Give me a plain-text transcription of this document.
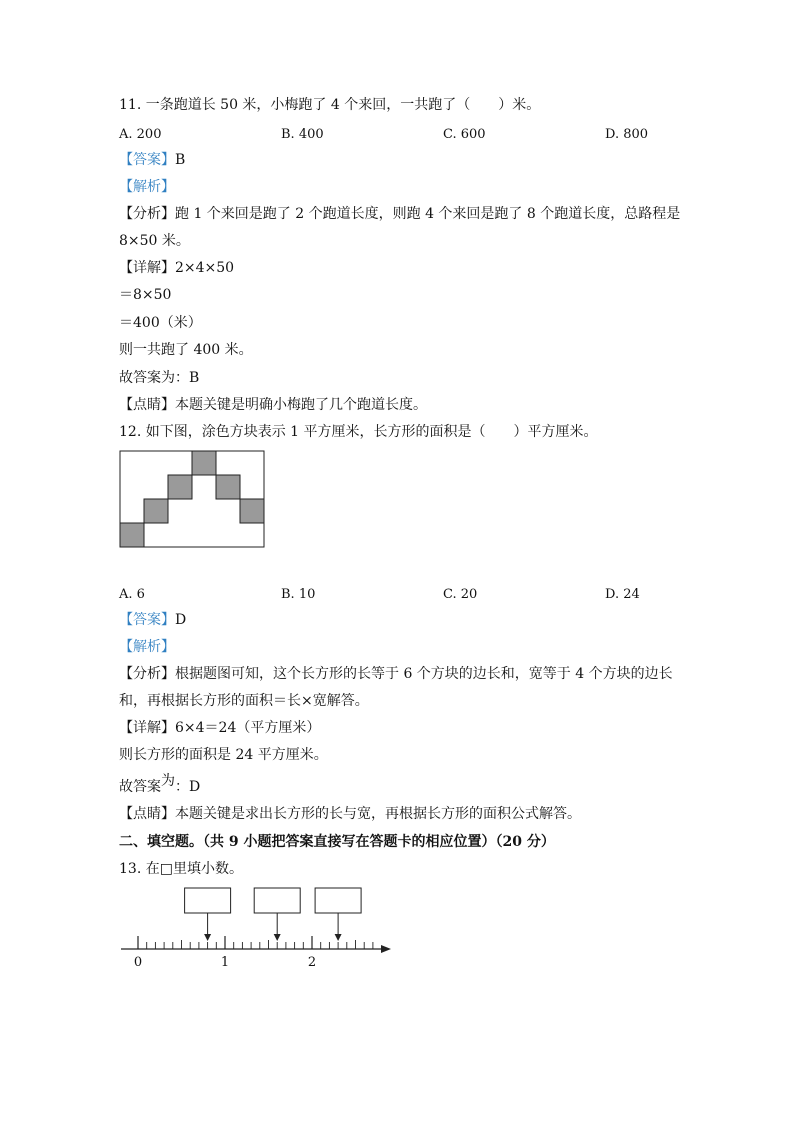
11. 一条跑道长 50 米，小梅跑了 4 个来回，一共跑了（　　）米。
A. 200	B. 400	C. 600	D. 800
【答案】B
【解析】
【分析】跑 1 个来回是跑了 2 个跑道长度，则跑 4 个来回是跑了 8 个跑道长度，总路程是
8×50 米。
【详解】2×4×50
＝8×50
＝400（米）
则一共跑了 400 米。
故答案为：B
【点睛】本题关键是明确小梅跑了几个跑道长度。
12. 如下图，涂色方块表示 1 平方厘米，长方形的面积是（　　）平方厘米。
A. 6	B. 10	C. 20	D. 24
【答案】D
【解析】
【分析】根据题图可知，这个长方形的长等于 6 个方块的边长和，宽等于 4 个方块的边长
和，再根据长方形的面积＝长×宽解答。
【详解】6×4＝24（平方厘米）
则长方形的面积是 24 平方厘米。
故答案为：D
【点睛】本题关键是求出长方形的长与宽，再根据长方形的面积公式解答。
二、填空题。（共 9 小题把答案直接写在答题卡的相应位置）（20 分）
13. 在□里填小数。
0	1	2
